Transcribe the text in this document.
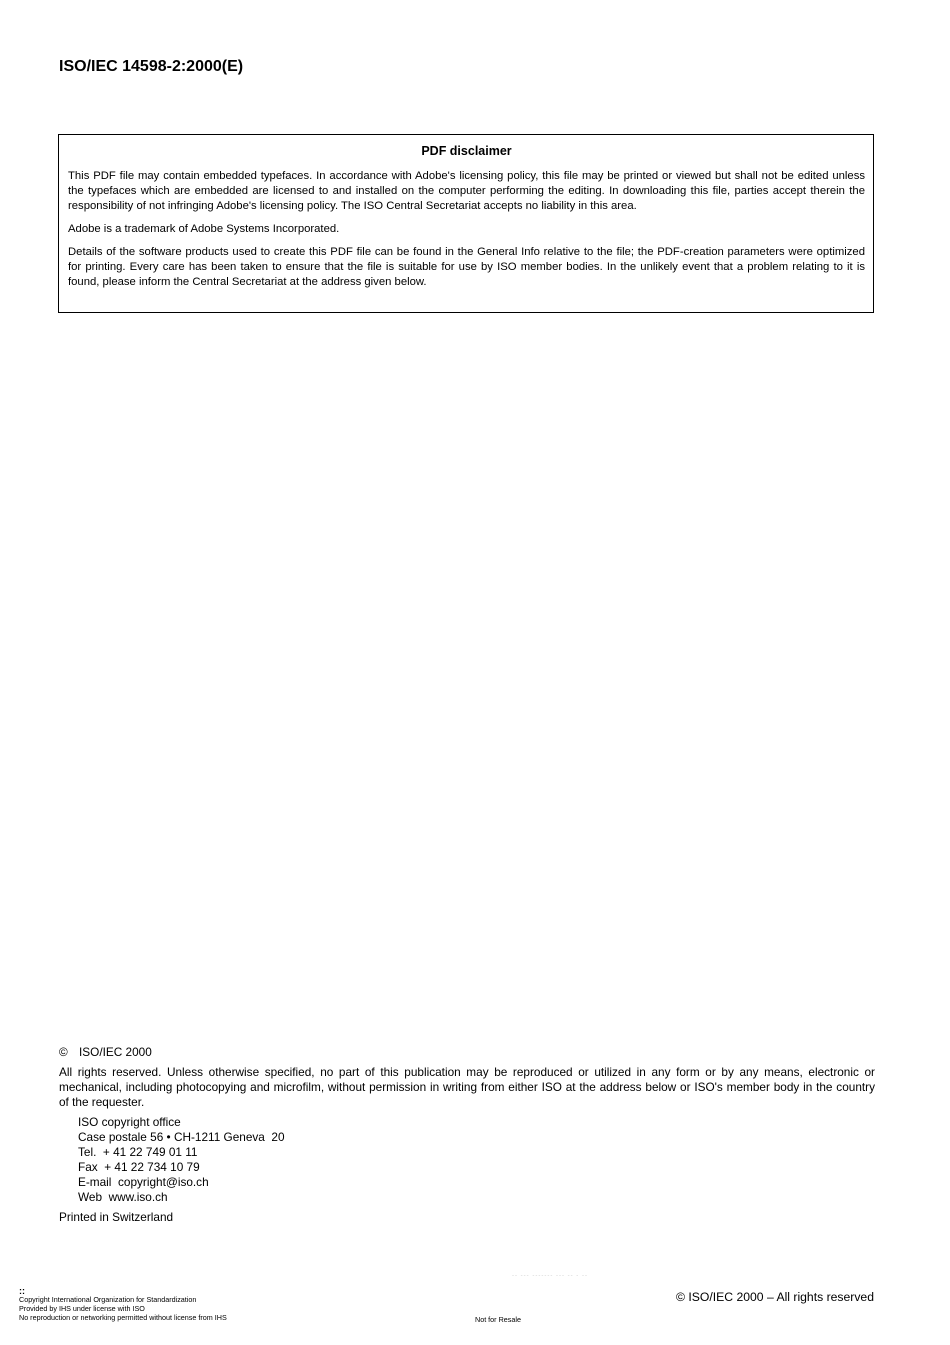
ISO/IEC 14598-2:2000(E)
PDF disclaimer

This PDF file may contain embedded typefaces. In accordance with Adobe's licensing policy, this file may be printed or viewed but shall not be edited unless the typefaces which are embedded are licensed to and installed on the computer performing the editing. In downloading this file, parties accept therein the responsibility of not infringing Adobe's licensing policy. The ISO Central Secretariat accepts no liability in this area.

Adobe is a trademark of Adobe Systems Incorporated.

Details of the software products used to create this PDF file can be found in the General Info relative to the file; the PDF-creation parameters were optimized for printing. Every care has been taken to ensure that the file is suitable for use by ISO member bodies. In the unlikely event that a problem relating to it is found, please inform the Central Secretariat at the address given below.

© ISO/IEC 2000
All rights reserved. Unless otherwise specified, no part of this publication may be reproduced or utilized in any form or by any means, electronic or mechanical, including photocopying and microfilm, without permission in writing from either ISO at the address below or ISO's member body in the country of the requester.
ISO copyright office
Case postale 56 • CH-1211 Geneva  20
Tel.  + 41 22 749 01 11
Fax  + 41 22 734 10 79
E-mail  copyright@iso.ch
Web  www.iso.ch
Printed in Switzerland
-- --- ------- --- -- - --
::
Copyright International Organization for Standardization
Provided by IHS under license with ISO
No reproduction or networking permitted without license from IHS	Not for Resale
© ISO/IEC 2000 – All rights reserved
